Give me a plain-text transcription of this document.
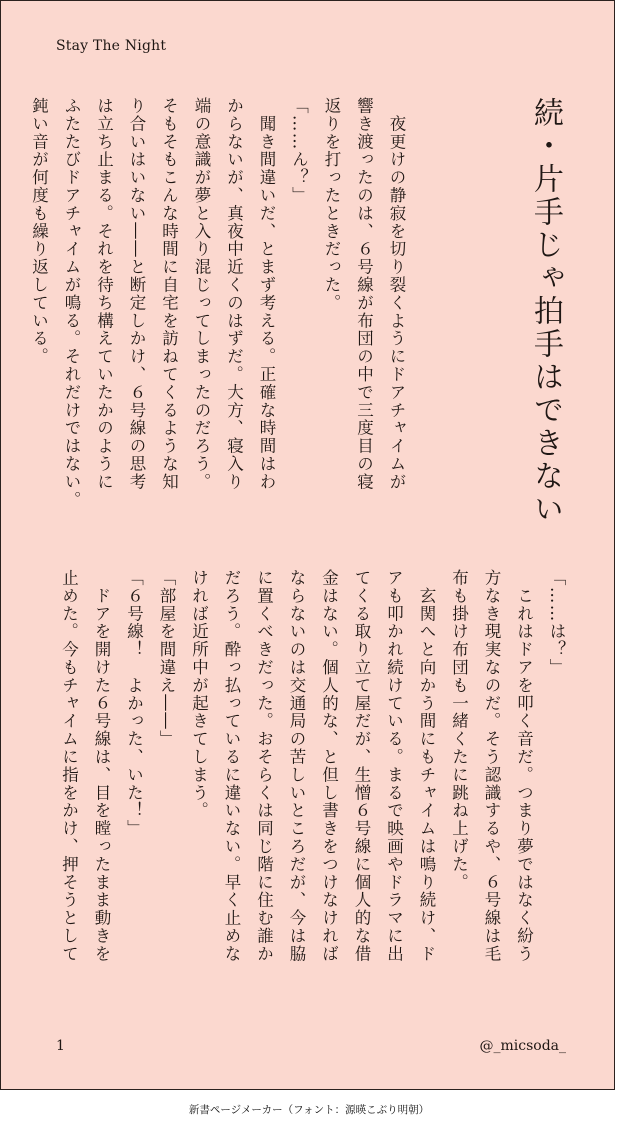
Stay The Night
続・片手じゃ拍手はできない
　夜更けの静寂を切り裂くようにドアチャイムが
響き渡ったのは、６号線が布団の中で三度目の寝
返りを打ったときだった。
「……ん？」
　聞き間違いだ、とまず考える。正確な時間はわ
からないが、真夜中近くのはずだ。大方、寝入り
端の意識が夢と入り混じってしまったのだろう。
そもそもこんな時間に自宅を訪ねてくるような知
り合いはいない――と断定しかけ、６号線の思考
は立ち止まる。それを待ち構えていたかのように
ふたたびドアチャイムが鳴る。それだけではない。
鈍い音が何度も繰り返している。
「……は？」
　これはドアを叩く音だ。つまり夢ではなく紛う
方なき現実なのだ。そう認識するや、６号線は毛
布も掛け布団も一緒くたに跳ね上げた。
　玄関へと向かう間にもチャイムは鳴り続け、ド
アも叩かれ続けている。まるで映画やドラマに出
てくる取り立て屋だが、生憎６号線に個人的な借
金はない。個人的な、と但し書きをつけなければ
ならないのは交通局の苦しいところだが、今は脇
に置くべきだった。おそらくは同じ階に住む誰か
だろう。酔っ払っているに違いない。早く止めな
ければ近所中が起きてしまう。
「部屋を間違え――」
「６号線！　よかった、いた！」
　ドアを開けた６号線は、目を瞠ったまま動きを
止めた。今もチャイムに指をかけ、押そうとして
1	@_micsoda_
新書ページメーカー（フォント：源暎こぶり明朝）
